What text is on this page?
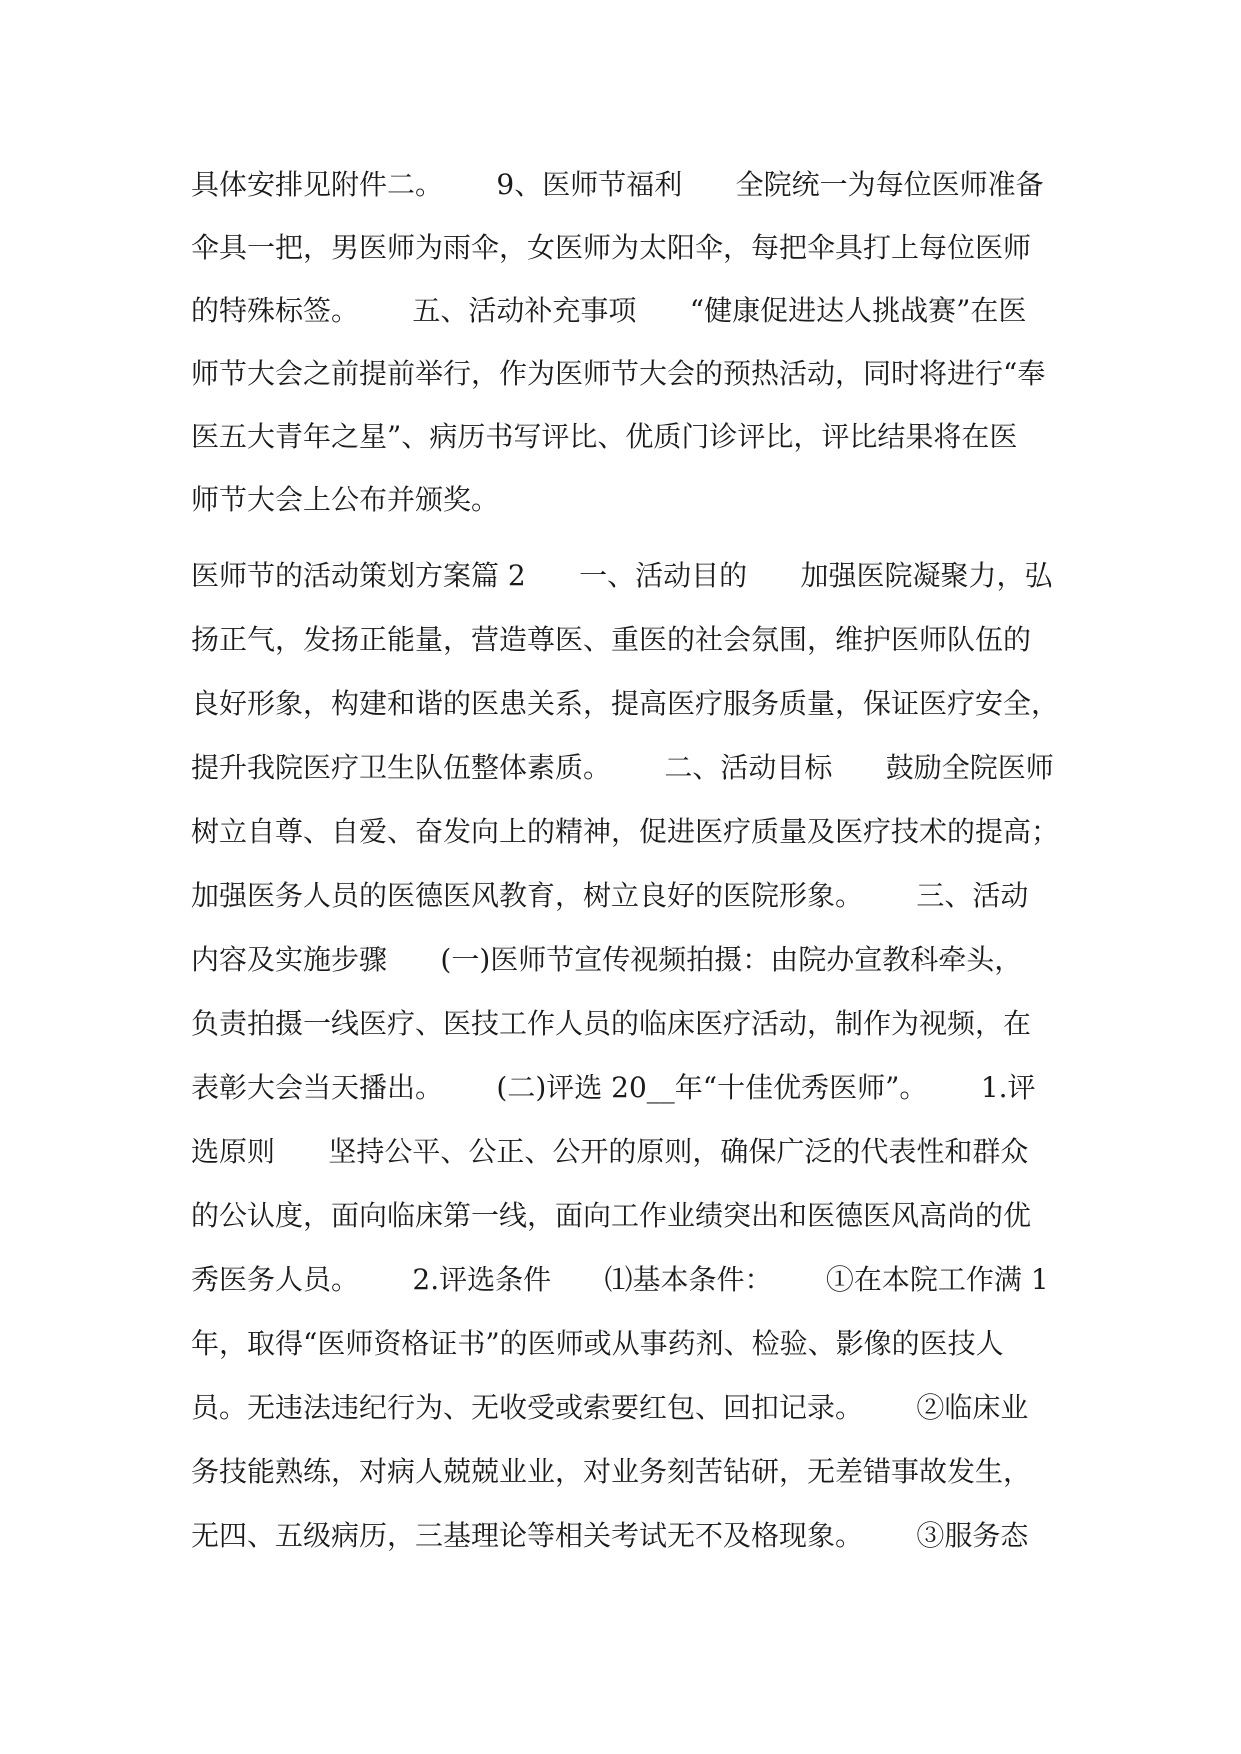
具体安排见附件二。      9、医师节福利      全院统一为每位医师准备
伞具一把，男医师为雨伞，女医师为太阳伞，每把伞具打上每位医师
的特殊标签。      五、活动补充事项      “健康促进达人挑战赛”在医
师节大会之前提前举行，作为医师节大会的预热活动，同时将进行“奉
医五大青年之星”、病历书写评比、优质门诊评比，评比结果将在医
师节大会上公布并颁奖。
医师节的活动策划方案篇 2      一、活动目的      加强医院凝聚力，弘
扬正气，发扬正能量，营造尊医、重医的社会氛围，维护医师队伍的
良好形象，构建和谐的医患关系，提高医疗服务质量，保证医疗安全，
提升我院医疗卫生队伍整体素质。      二、活动目标      鼓励全院医师
树立自尊、自爱、奋发向上的精神，促进医疗质量及医疗技术的提高；
加强医务人员的医德医风教育，树立良好的医院形象。      三、活动
内容及实施步骤      (一)医师节宣传视频拍摄：由院办宣教科牵头，
负责拍摄一线医疗、医技工作人员的临床医疗活动，制作为视频，在
表彰大会当天播出。      (二)评选 20__年“十佳优秀医师”。      1.评
选原则      坚持公平、公正、公开的原则，确保广泛的代表性和群众
的公认度，面向临床第一线，面向工作业绩突出和医德医风高尚的优
秀医务人员。      2.评选条件      ⑴基本条件：      ①在本院工作满 1
年，取得“医师资格证书”的医师或从事药剂、检验、影像的医技人
员。无违法违纪行为、无收受或索要红包、回扣记录。      ②临床业
务技能熟练，对病人兢兢业业，对业务刻苦钻研，无差错事故发生，
无四、五级病历，三基理论等相关考试无不及格现象。      ③服务态
